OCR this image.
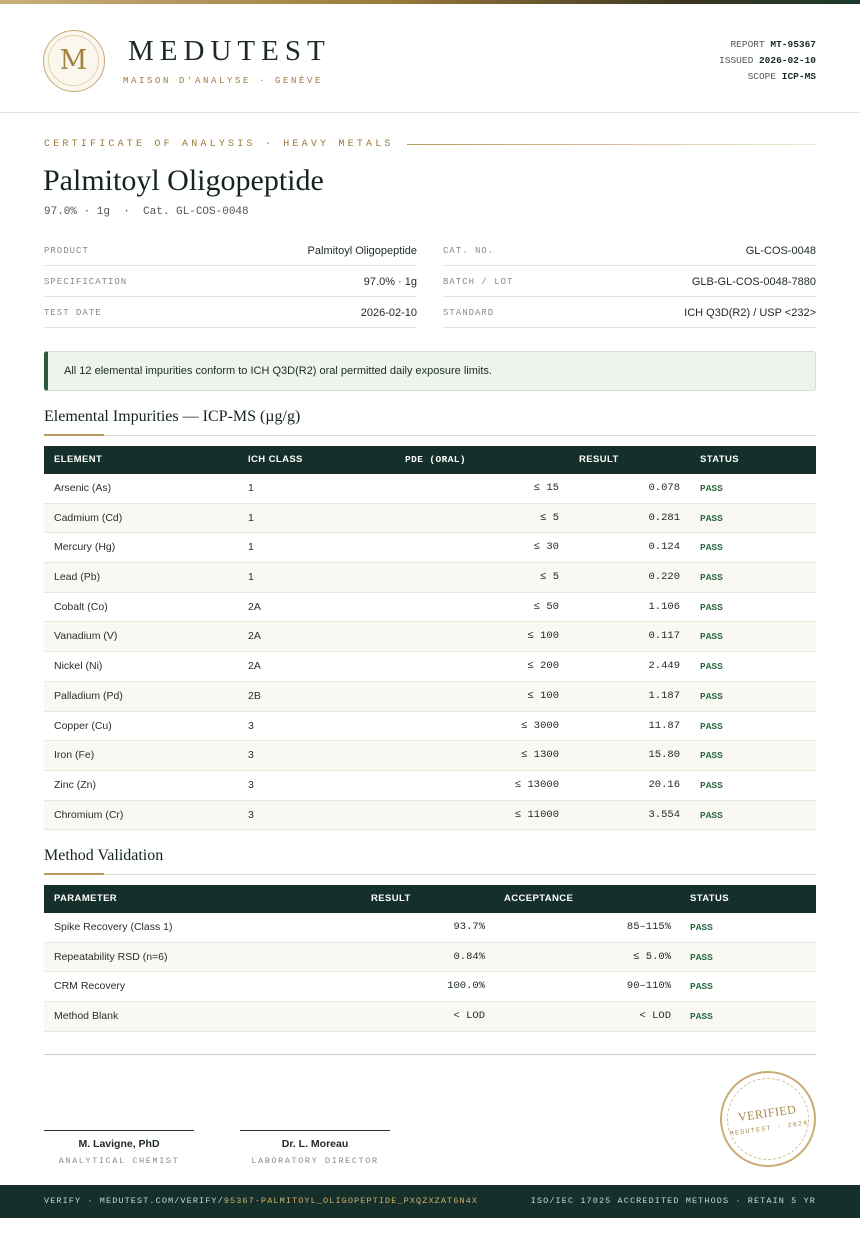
M MEDUTEST
MAISON D'ANALYSE · GENÈVE
REPORT MT-95367
ISSUED 2026-02-10
SCOPE ICP-MS
CERTIFICATE OF ANALYSIS · HEAVY METALS
Palmitoyl Oligopeptide
97.0% · 1g  ·  Cat. GL-COS-0048
PRODUCT	Palmitoyl Oligopeptide
SPECIFICATION	97.0% · 1g
TEST DATE	2026-02-10
CAT. NO.	GL-COS-0048
BATCH / LOT	GLB-GL-COS-0048-7880
STANDARD	ICH Q3D(R2) / USP <232>
All 12 elemental impurities conform to ICH Q3D(R2) oral permitted daily exposure limits.
Elemental Impurities — ICP-MS (µg/g)
ELEMENT	ICH CLASS	PDE (ORAL)	RESULT	STATUS
Arsenic (As)	1	≤ 15	0.078 PASS
Cadmium (Cd)	1	≤ 5	0.281 PASS
Mercury (Hg)	1	≤ 30	0.124 PASS
Lead (Pb)	1	≤ 5	0.220 PASS
Cobalt (Co)	2A	≤ 50	1.106 PASS
Vanadium (V)	2A	≤ 100	0.117 PASS
Nickel (Ni)	2A	≤ 200	2.449 PASS
Palladium (Pd)	2B	≤ 100	1.187 PASS
Copper (Cu)	3	≤ 3000	11.87 PASS
Iron (Fe)	3	≤ 1300	15.80 PASS
Zinc (Zn)	3	≤ 13000	20.16 PASS
Chromium (Cr)	3	≤ 11000	3.554 PASS
Method Validation
PARAMETER	RESULT	ACCEPTANCE	STATUS
Spike Recovery (Class 1)	93.7%	85–115% PASS
Repeatability RSD (n=6)	0.84%	≤ 5.0% PASS
CRM Recovery	100.0%	90–110% PASS
Method Blank	< LOD	< LOD PASS
M. Lavigne, PhD
ANALYTICAL CHEMIST
Dr. L. Moreau
LABORATORY DIRECTOR
VERIFIED
MEDUTEST · 2026
VERIFY · MEDUTEST.COM/VERIFY/95367-PALMITOYL_OLIGOPEPTIDE_PXQZXZAT6N4X	ISO/IEC 17025 ACCREDITED METHODS · RETAIN 5 YR
